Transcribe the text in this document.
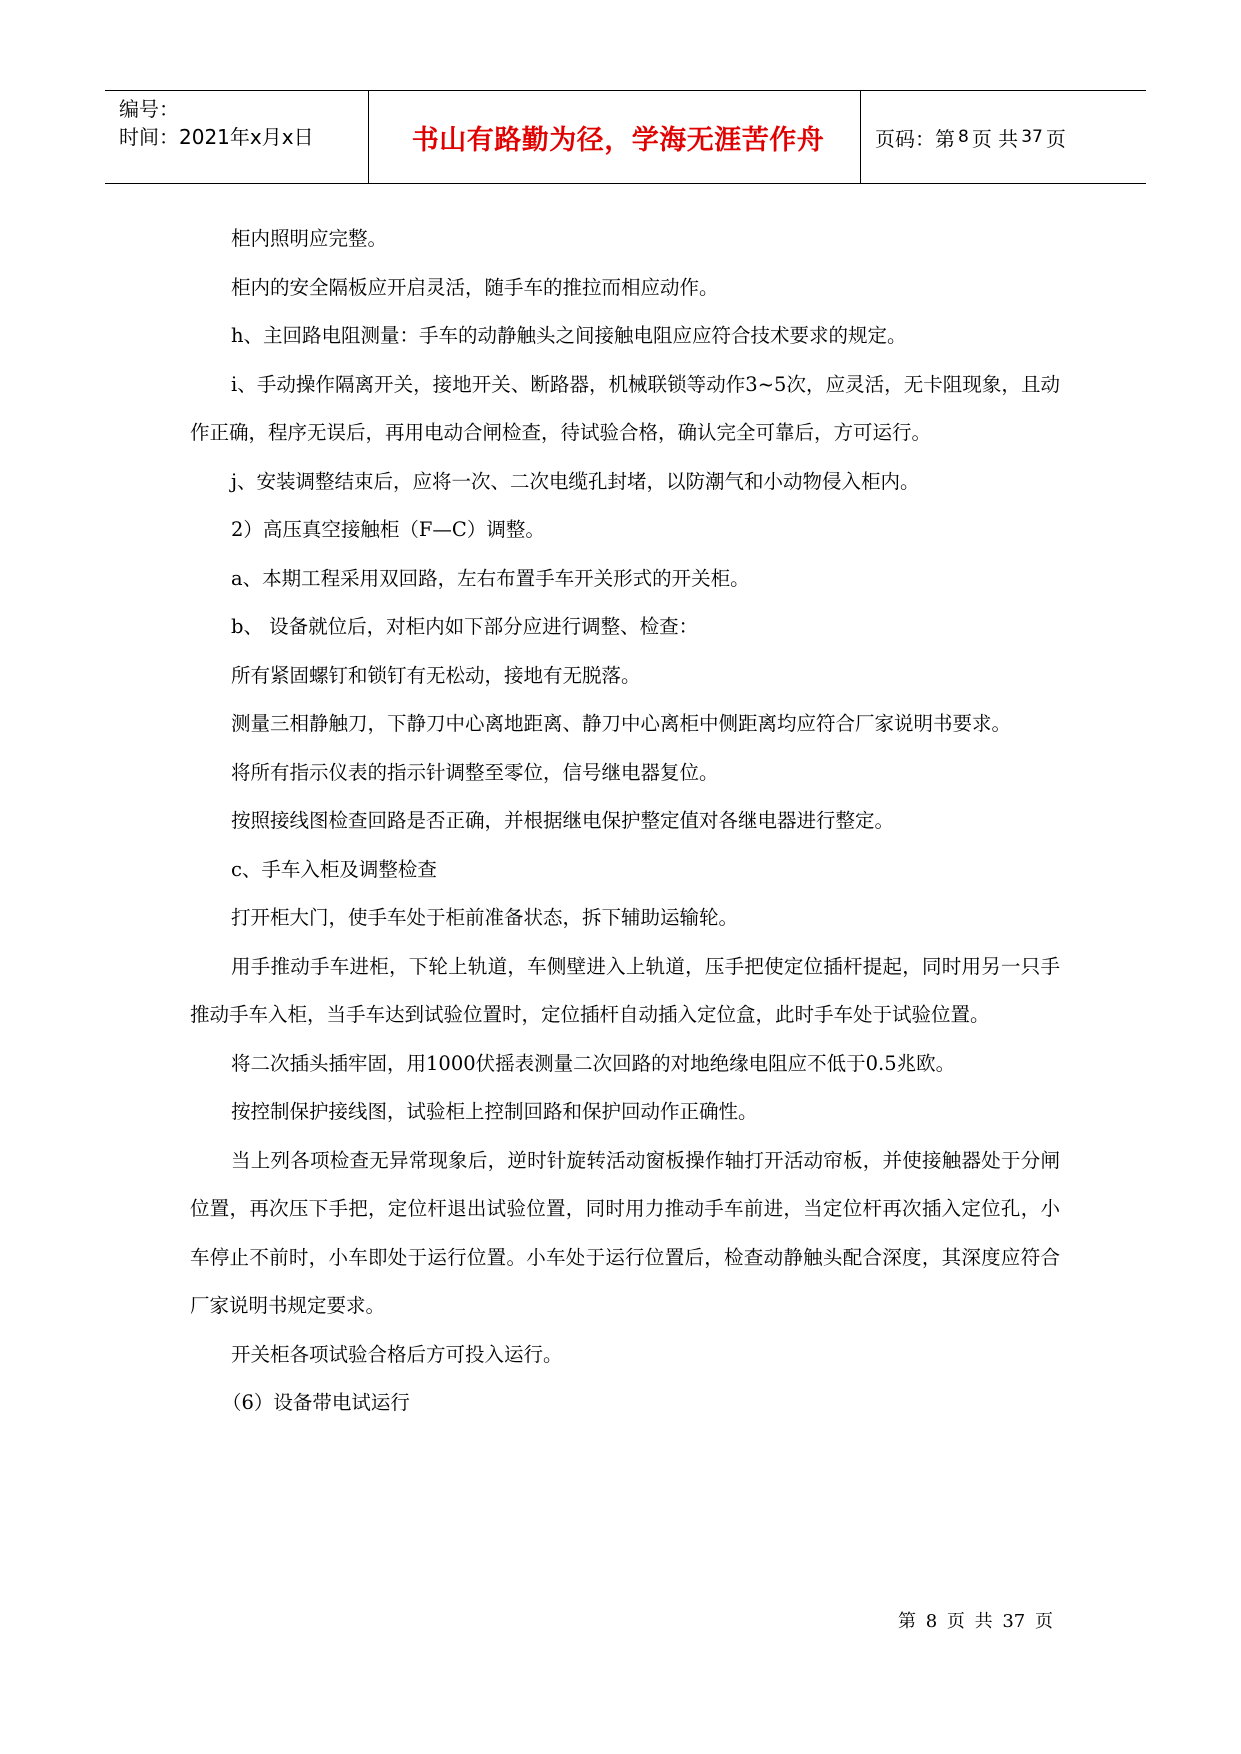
编号：
时间：2021年x月x日	书山有路勤为径，学海无涯苦作舟	页码：第 8 页 共 37 页

柜内照明应完整。

柜内的安全隔板应开启灵活，随手车的推拉而相应动作。

h、主回路电阻测量：手车的动静触头之间接触电阻应应符合技术要求的规定。

i、手动操作隔离开关，接地开关、断路器，机械联锁等动作3~5次，应灵活，无卡阻现象，且动作正确，程序无误后，再用电动合闸检查，待试验合格，确认完全可靠后，方可运行。

j、安装调整结束后，应将一次、二次电缆孔封堵，以防潮气和小动物侵入柜内。

2）高压真空接触柜（F—C）调整。

a、本期工程采用双回路，左右布置手车开关形式的开关柜。

b、 设备就位后，对柜内如下部分应进行调整、检查：

所有紧固螺钉和锁钉有无松动，接地有无脱落。

测量三相静触刀，下静刀中心离地距离、静刀中心离柜中侧距离均应符合厂家说明书要求。

将所有指示仪表的指示针调整至零位，信号继电器复位。

按照接线图检查回路是否正确，并根据继电保护整定值对各继电器进行整定。

c、手车入柜及调整检查

打开柜大门，使手车处于柜前准备状态，拆下辅助运输轮。

用手推动手车进柜，下轮上轨道，车侧壁进入上轨道，压手把使定位插杆提起，同时用另一只手推动手车入柜，当手车达到试验位置时，定位插杆自动插入定位盒，此时手车处于试验位置。

将二次插头插牢固，用1000伏摇表测量二次回路的对地绝缘电阻应不低于0.5兆欧。

按控制保护接线图，试验柜上控制回路和保护回动作正确性。

当上列各项检查无异常现象后，逆时针旋转活动窗板操作轴打开活动帘板，并使接触器处于分闸位置，再次压下手把，定位杆退出试验位置，同时用力推动手车前进，当定位杆再次插入定位孔，小车停止不前时，小车即处于运行位置。小车处于运行位置后，检查动静触头配合深度，其深度应符合厂家说明书规定要求。

开关柜各项试验合格后方可投入运行。

（6）设备带电试运行

第 8 页 共 37 页
